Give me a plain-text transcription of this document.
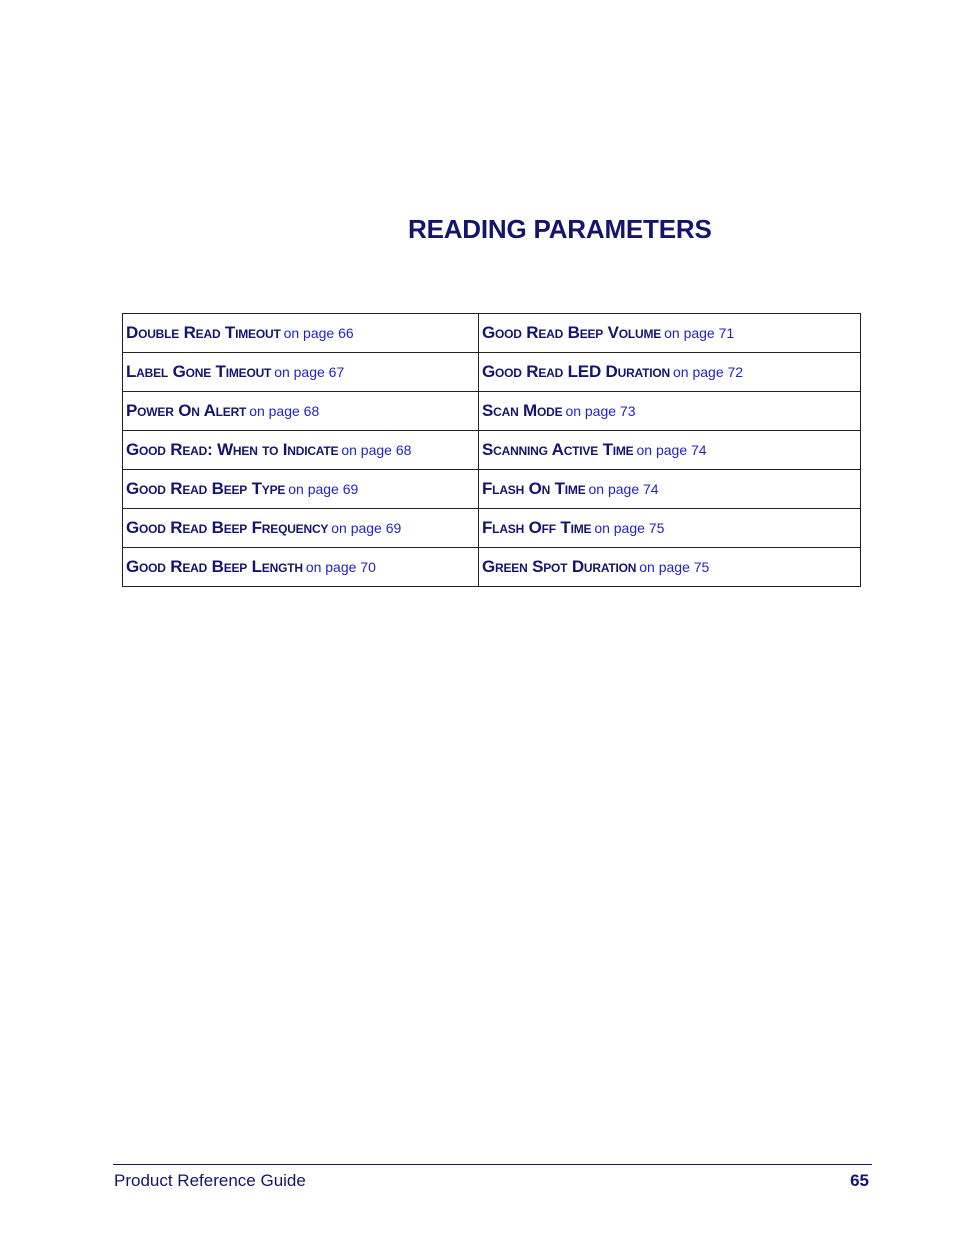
READING PARAMETERS
Double Read Timeout on page 66	Good Read Beep Volume on page 71
Label Gone Timeout on page 67	Good Read LED Duration on page 72
Power On Alert on page 68	Scan Mode on page 73
Good Read: When to Indicate on page 68	Scanning Active Time on page 74
Good Read Beep Type on page 69	Flash On Time on page 74
Good Read Beep Frequency on page 69	Flash Off Time on page 75
Good Read Beep Length on page 70	Green Spot Duration on page 75
Product Reference Guide	65
